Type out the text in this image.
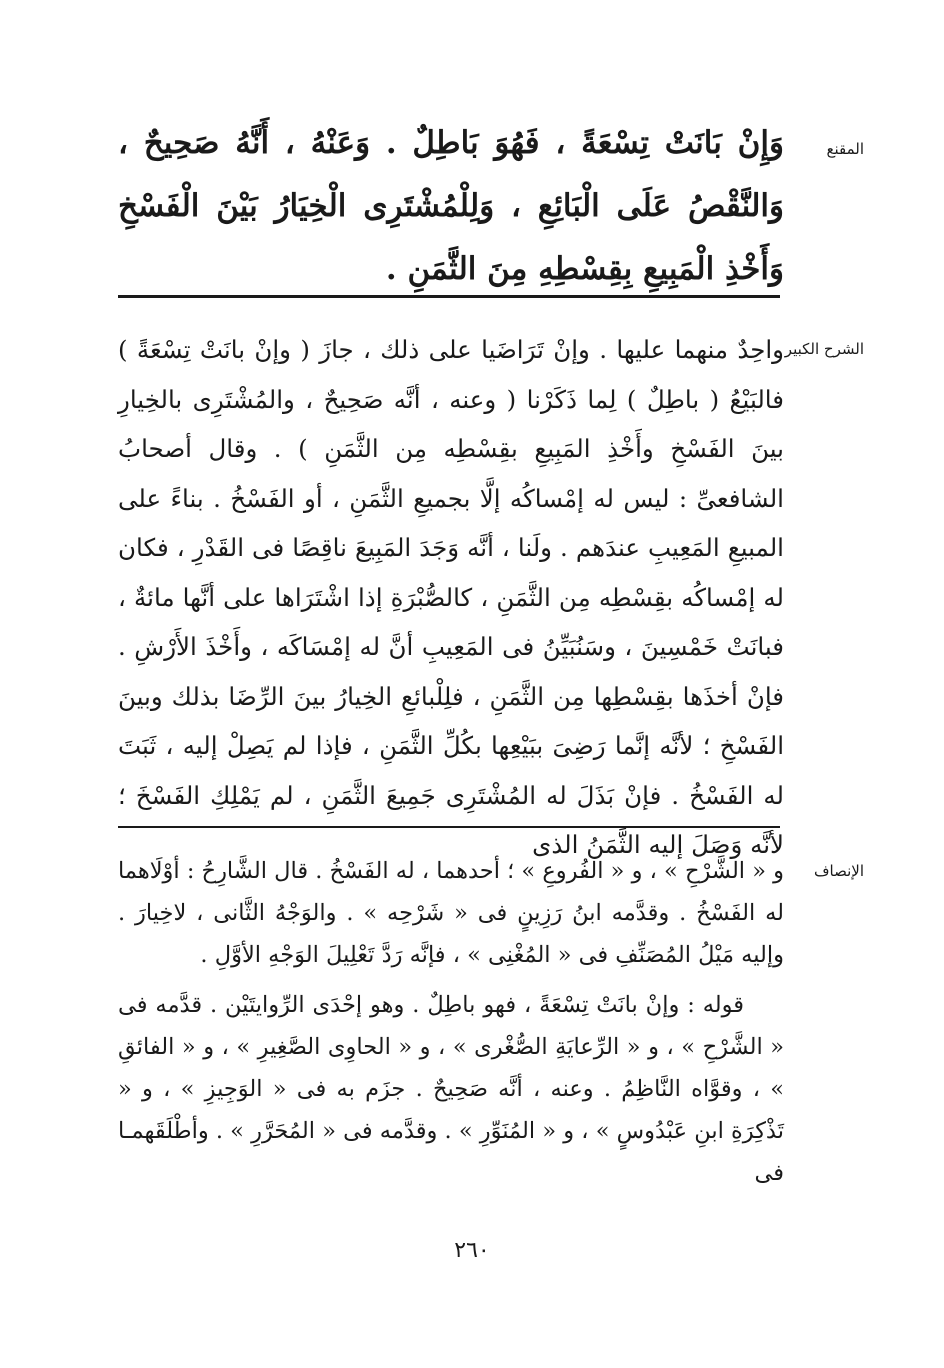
المقنع

وَإِنْ بَانَتْ تِسْعَةً ، فَهُوَ بَاطِلٌ . وَعَنْهُ ، أَنَّهُ صَحِيحٌ ، وَالنَّقْصُ عَلَى الْبَائِعِ ، وَلِلْمُشْتَرِى الْخِيَارُ بَيْنَ الْفَسْخِ وَأَخْذِ الْمَبِيعِ بِقِسْطِهِ مِنَ الثَّمَنِ .

الشرح الكبير

واحِدٌ منهما عليها . وإنْ تَرَاضَيا على ذلك ، جازَ ( وإنْ بانَتْ تِسْعَةً ) فالبَيْعُ ( باطِلٌ ) لِما ذَكَرْنا ( وعنه ، أنَّه صَحِيحٌ ، والمُشْتَرِى بالخِيارِ بينَ الفَسْخِ وأَخْذِ المَبِيعِ بقِسْطِه مِن الثَّمَنِ ) . وقال أصحابُ الشافعىِّ : ليس له إمْساكُه إلَّا بجميعِ الثَّمَنِ ، أو الفَسْخُ . بناءً على المبيعِ المَعِيبِ عندَهم . ولَنا ، أنَّه وَجَدَ المَبِيعَ ناقِصًا فى القَدْرِ ، فكان له إمْساكُه بقِسْطِه مِن الثَّمَنِ ، كالصُّبْرَةِ إذا اشْتَرَاها على أنَّها مائةٌ ، فبانَتْ خَمْسِينَ ، وسَنُبَيِّنُ فى المَعِيبِ أنَّ له إمْسَاكَه ، وأَخْذَ الأَرْشِ . فإنْ أخذَها بقِسْطِها مِن الثَّمَنِ ، فلِلْبائعِ الخِيارُ بينَ الرِّضَا بذلك وبينَ الفَسْخِ ؛ لأنَّه إنَّما رَضِىَ ببَيْعِها بكُلِّ الثَّمَنِ ، فإذا لم يَصِلْ إليه ، ثَبَتَ له الفَسْخُ . فإنْ بَذَلَ له المُشْتَرِى جَمِيعَ الثَّمَنِ ، لم يَمْلِكِ الفَسْخَ ؛ لأنَّه وَصَلَ إليه الثَّمَنُ الذى

الإنصاف

و « الشَّرْحِ » ، و « الفُروعِ » ؛ أحدهما ، له الفَسْخُ . قال الشَّارِحُ : أوْلَاهما له الفَسْخُ . وقدَّمه ابنُ رَزِينٍ فى « شَرْحِه » . والوَجْهُ الثَّانى ، لاخِيارَ . وإليه مَيْلُ المُصَنِّفِ فى « المُغْنِى » ، فإنَّه رَدَّ تَعْلِيلَ الوَجْهِ الأوَّلِ .

قوله : وإنْ بانَتْ تِسْعَةً ، فهو باطِلٌ . وهو إحْدَى الرِّوايتَيْن . قدَّمه فى « الشَّرْحِ » ، و « الرِّعايَةِ الصُّغْرى » ، و « الحاوِى الصَّغِيرِ » ، و « الفائقِ » ، وقوَّاه النَّاظِمُ . وعنه ، أنَّه صَحِيحٌ . جزَم به فى « الوَجِيزِ » ، و « تَذْكِرَةِ ابنِ عَبْدُوسٍ » ، و « المُنَوِّرِ » . وقدَّمه فى « المُحَرَّرِ » . وأطْلَقَهمـا فى

٢٦٠
